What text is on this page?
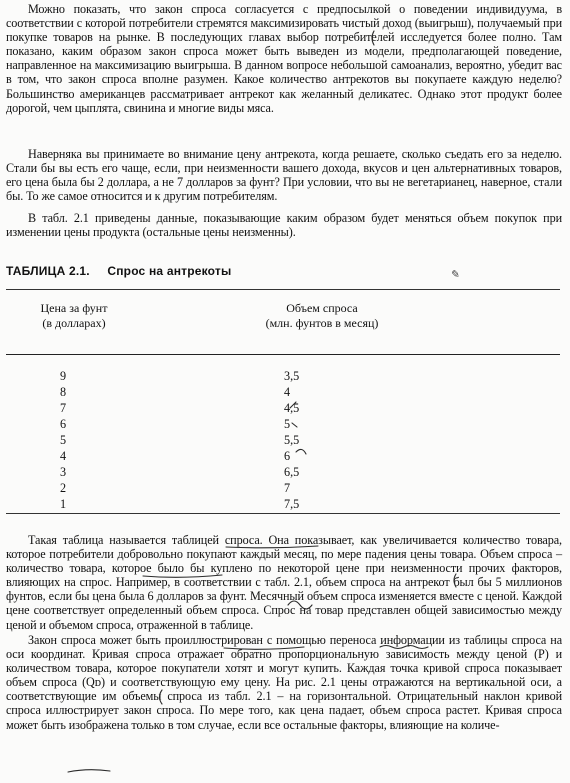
Можно показать, что закон спроса согласуется с предпосылкой о поведении индивидуума, в соответствии с которой потребители стремятся максимизировать чистый доход (выигрыш), получаемый при покупке товаров на рынке. В последующих главах выбор потребителей исследуется более полно. Там показано, каким образом закон спроса может быть выведен из модели, предполагающей поведение, направленное на максимизацию выигрыша. В данном вопросе небольшой самоанализ, вероятно, убедит вас в том, что закон спроса вполне разумен. Какое количество антрекотов вы покупаете каждую неделю? Большинство американцев рассматривает антрекот как желанный деликатес. Однако этот продукт более дорогой, чем цыплята, свинина и многие виды мяса.

Наверняка вы принимаете во внимание цену антрекота, когда решаете, сколько съедать его за неделю. Стали бы вы есть его чаще, если, при неизменности вашего дохода, вкусов и цен альтернативных товаров, его цена была бы 2 доллара, а не 7 долларов за фунт? При условии, что вы не вегетарианец, наверное, стали бы. То же самое относится и к другим потребителям.

В табл. 2.1 приведены данные, показывающие каким образом будет меняться объем покупок при изменении цены продукта (остальные цены неизменны).

ТАБЛИЦА 2.1. Спрос на антрекоты	✎
Цена за фунт
(в долларах)
Объем спроса
(млн. фунтов в месяц)
9
8
7
6
5
4
3
2
1
3,5
4
4,5
5
5,5
6
6,5
7
7,5

Такая таблица называется таблицей спроса. Она показывает, как увеличивается количество товара, которое потребители добровольно покупают каждый месяц, по мере падения цены товара. Объем спроса – количество товара, которое было бы куплено по некоторой цене при неизменности прочих факторов, влияющих на спрос. Например, в соответствии с табл. 2.1, объем спроса на антрекот был бы 5 миллионов фунтов, если бы цена была 6 долларов за фунт. Месячный объем спроса изменяется вместе с ценой. Каждой цене соответствует определенный объем спроса. Спрос на товар представлен общей зависимостью между ценой и объемом спроса, отраженной в таблице.

Закон спроса может быть проиллюстрирован с помощью переноса информации из таблицы спроса на оси координат. Кривая спроса отражает обратно пропорциональную зависимость между ценой (P) и количеством товара, которое покупатели хотят и могут купить. Каждая точка кривой спроса показывает объем спроса (Qᴅ) и соответствующую ему цену. На рис. 2.1 цены отражаются на вертикальной оси, а соответствующие им объемы спроса из табл. 2.1 – на горизонтальной. Отрицательный наклон кривой спроса иллюстрирует закон спроса. По мере того, как цена падает, объем спроса растет. Кривая спроса может быть изображена только в том случае, если все остальные факторы, влияющие на количе-
